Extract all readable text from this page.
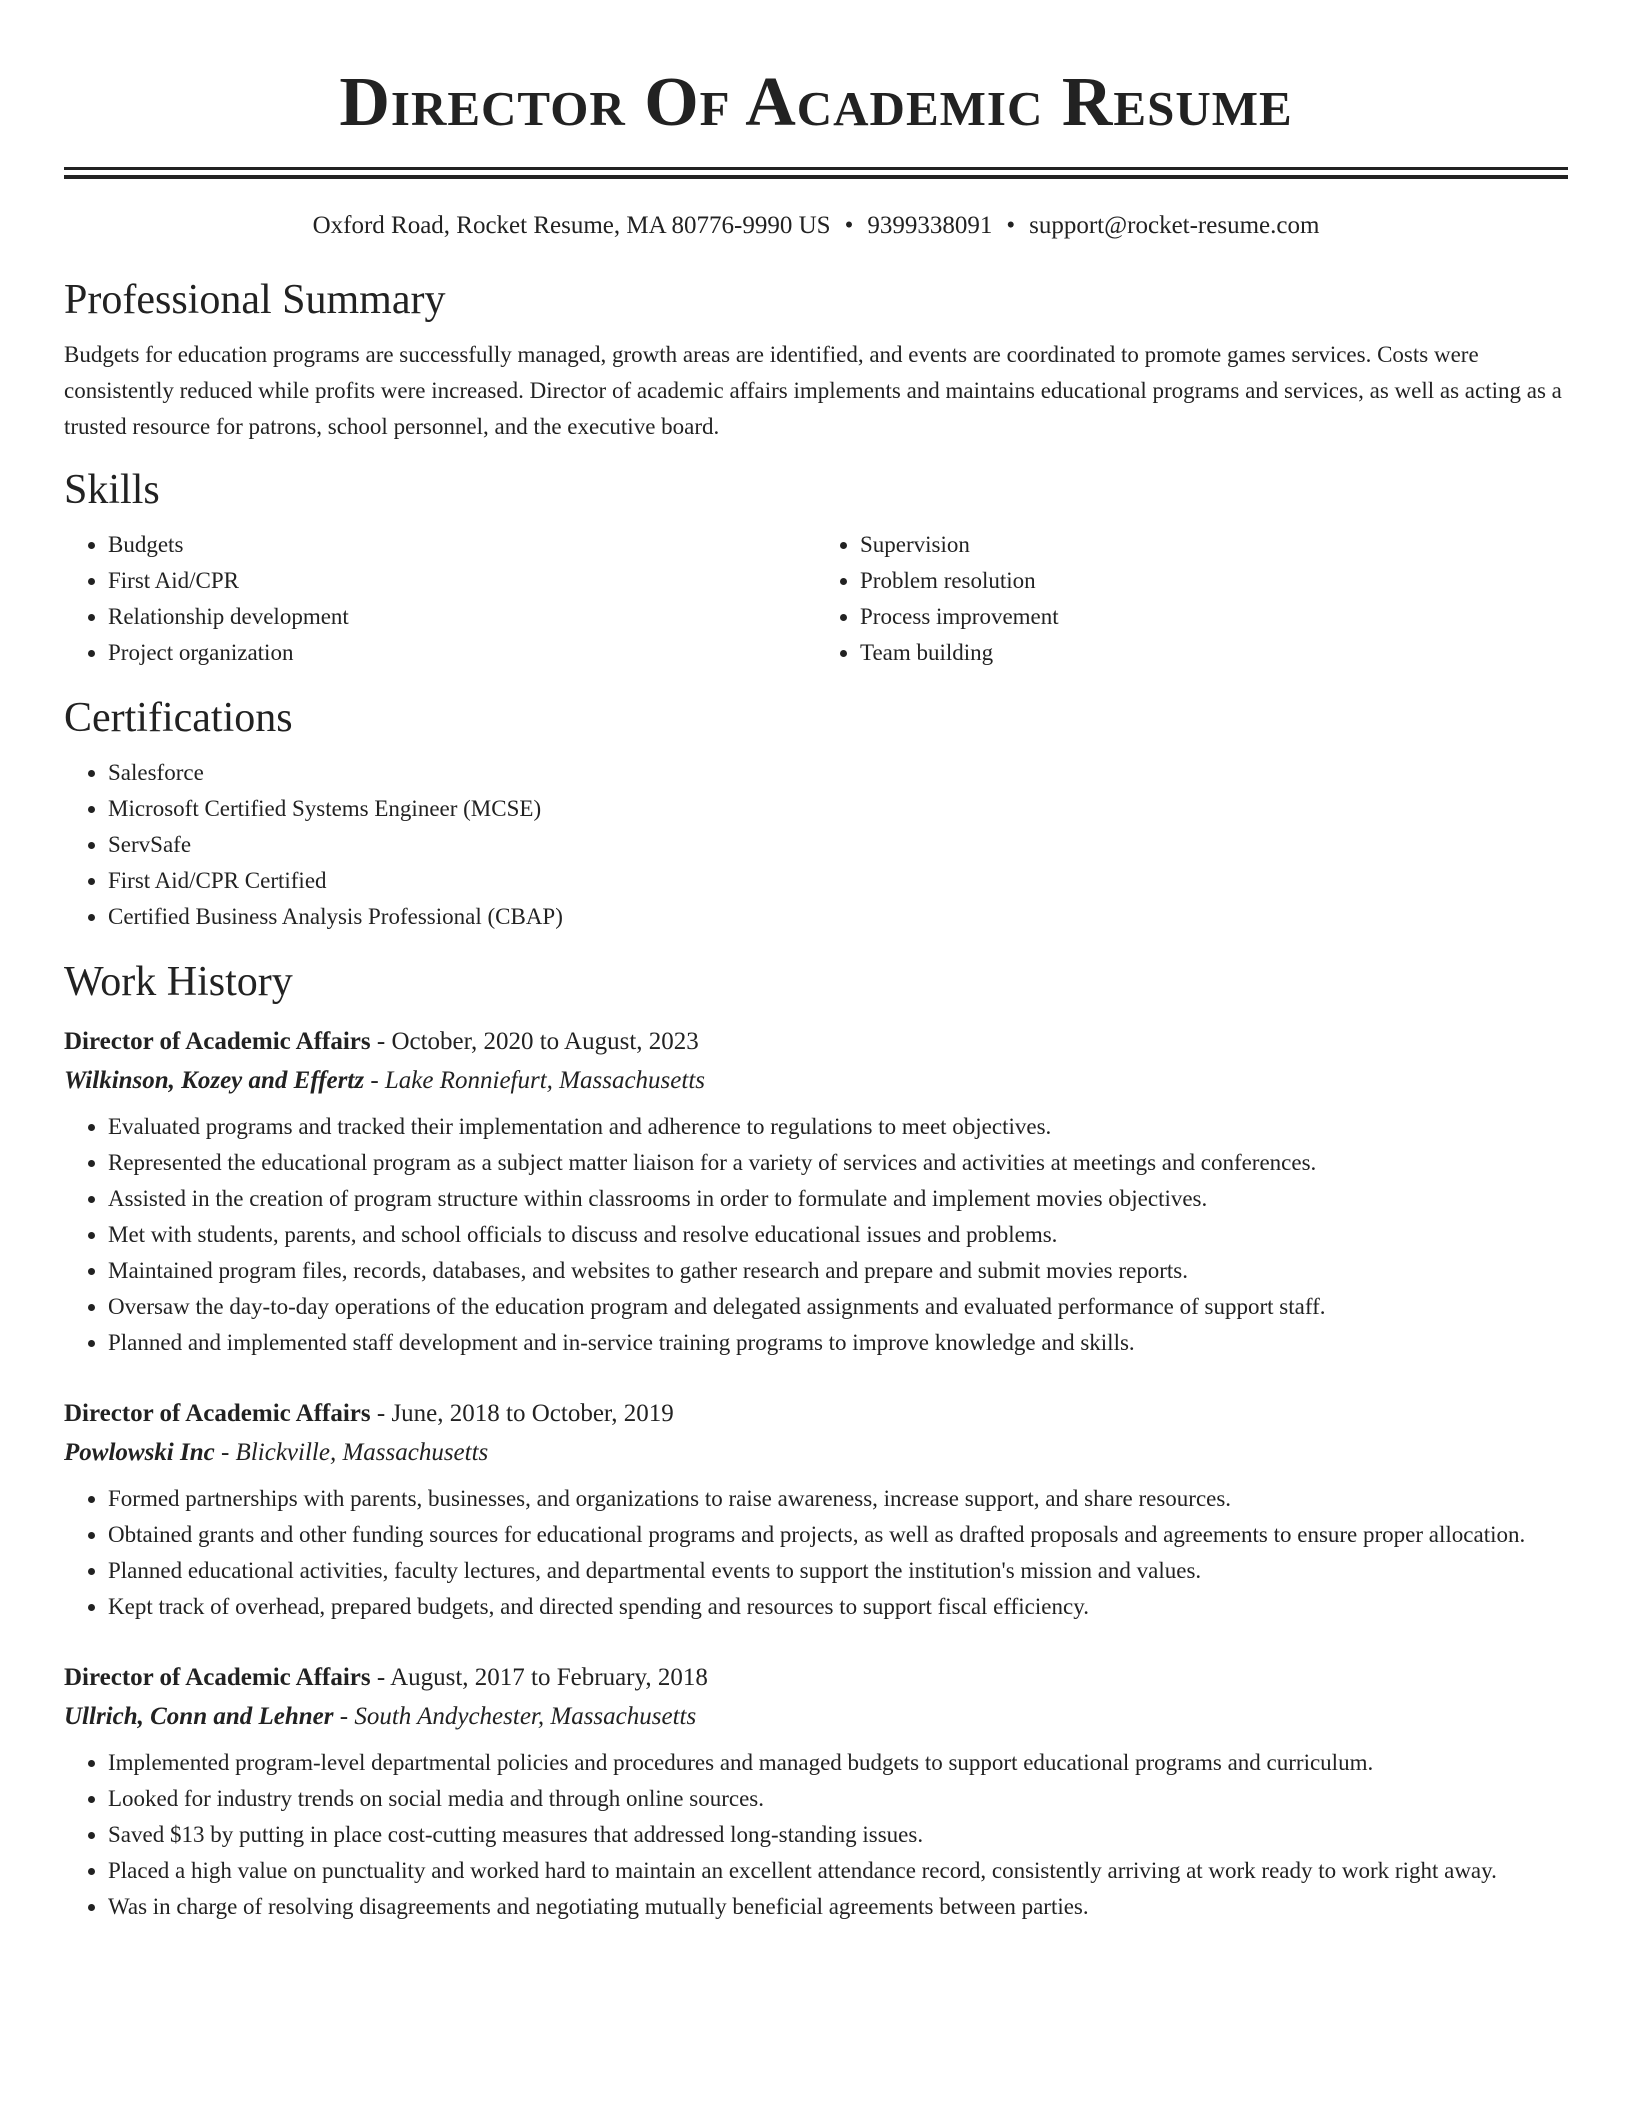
Director Of Academic Resume
Oxford Road, Rocket Resume, MA 80776-9990 US • 9399338091 • support@rocket-resume.com
Professional Summary

Budgets for education programs are successfully managed, growth areas are identified, and events are coordinated to promote games services. Costs were consistently reduced while profits were increased. Director of academic affairs implements and maintains educational programs and services, as well as acting as a trusted resource for patrons, school personnel, and the executive board.

Skills
• Budgets
• First Aid/CPR
• Relationship development
• Project organization
• Supervision
• Problem resolution
• Process improvement
• Team building
Certifications
• Salesforce
• Microsoft Certified Systems Engineer (MCSE)
• ServSafe
• First Aid/CPR Certified
• Certified Business Analysis Professional (CBAP)
Work History
Director of Academic Affairs - October, 2020 to August, 2023
Wilkinson, Kozey and Effertz - Lake Ronniefurt, Massachusetts
• Evaluated programs and tracked their implementation and adherence to regulations to meet objectives.
• Represented the educational program as a subject matter liaison for a variety of services and activities at meetings and conferences.
• Assisted in the creation of program structure within classrooms in order to formulate and implement movies objectives.
• Met with students, parents, and school officials to discuss and resolve educational issues and problems.
• Maintained program files, records, databases, and websites to gather research and prepare and submit movies reports.
• Oversaw the day-to-day operations of the education program and delegated assignments and evaluated performance of support staff.
• Planned and implemented staff development and in-service training programs to improve knowledge and skills.
Director of Academic Affairs - June, 2018 to October, 2019
Powlowski Inc - Blickville, Massachusetts
• Formed partnerships with parents, businesses, and organizations to raise awareness, increase support, and share resources.
• Obtained grants and other funding sources for educational programs and projects, as well as drafted proposals and agreements to ensure proper allocation.
• Planned educational activities, faculty lectures, and departmental events to support the institution's mission and values.
• Kept track of overhead, prepared budgets, and directed spending and resources to support fiscal efficiency.
Director of Academic Affairs - August, 2017 to February, 2018
Ullrich, Conn and Lehner - South Andychester, Massachusetts
• Implemented program-level departmental policies and procedures and managed budgets to support educational programs and curriculum.
• Looked for industry trends on social media and through online sources.
• Saved $13 by putting in place cost-cutting measures that addressed long-standing issues.
• Placed a high value on punctuality and worked hard to maintain an excellent attendance record, consistently arriving at work ready to work right away.
• Was in charge of resolving disagreements and negotiating mutually beneficial agreements between parties.
